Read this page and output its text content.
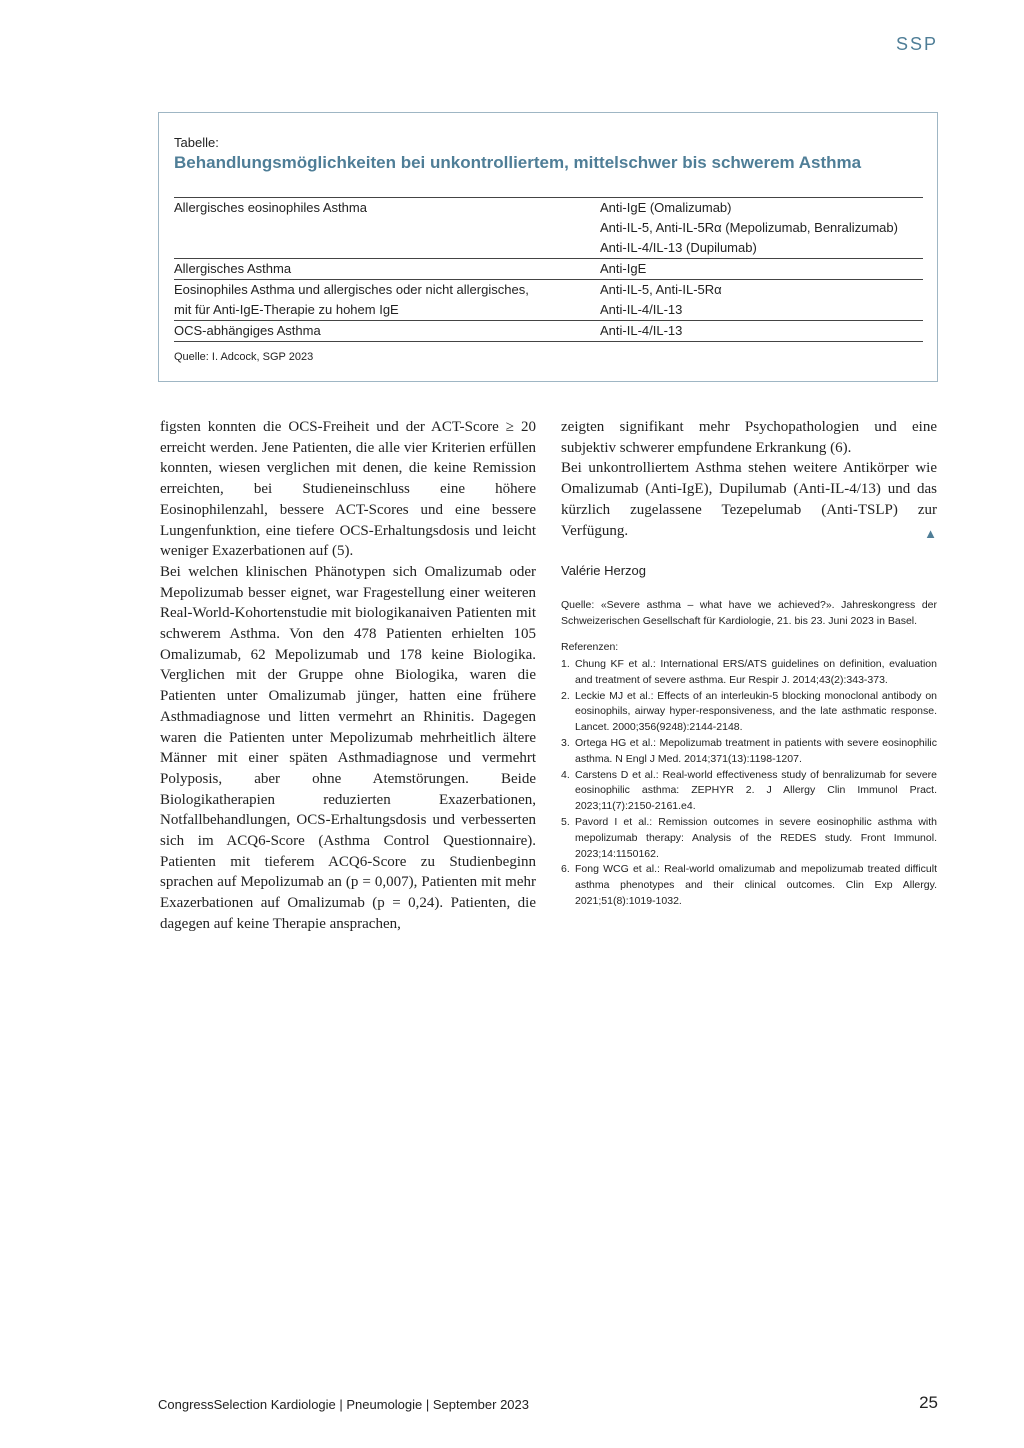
SSP
Tabelle:
Behandlungsmöglichkeiten bei unkontrolliertem, mittelschwer bis schwerem Asthma
Allergisches eosinophiles Asthma	Anti-IgE (Omalizumab)
Anti-IL-5, Anti-IL-5Rα (Mepolizumab, Benralizumab)
Anti-IL-4/IL-13 (Dupilumab)
Allergisches Asthma	Anti-IgE
Eosinophiles Asthma und allergisches oder nicht allergisches,	Anti-IL-5, Anti-IL-5Rα
mit für Anti-IgE-Therapie zu hohem IgE	Anti-IL-4/IL-13
OCS-abhängiges Asthma	Anti-IL-4/IL-13
Quelle: I. Adcock, SGP 2023

figsten konnten die OCS-Freiheit und der ACT-Score ≥ 20 erreicht werden. Jene Patienten, die alle vier Kriterien erfüllen konnten, wiesen verglichen mit denen, die keine Remission erreichten, bei Studieneinschluss eine höhere Eosinophilenzahl, bessere ACT-Scores und eine bessere Lungenfunktion, eine tiefere OCS-Erhaltungsdosis und leicht weniger Exazerbationen auf (5).

Bei welchen klinischen Phänotypen sich Omalizumab oder Mepolizumab besser eignet, war Fragestellung einer weiteren Real-World-Kohortenstudie mit biologikanaiven Patienten mit schwerem Asthma. Von den 478 Patienten erhielten 105 Omalizumab, 62 Mepolizumab und 178 keine Biologika. Verglichen mit der Gruppe ohne Biologika, waren die Patienten unter Omalizumab jünger, hatten eine frühere Asthmadiagnose und litten vermehrt an Rhinitis. Dagegen waren die Patienten unter Mepolizumab mehrheitlich ältere Männer mit einer späten Asthmadiagnose und vermehrt Polyposis, aber ohne Atemstörungen. Beide Biologikatherapien reduzierten Exazerbationen, Notfallbehandlungen, OCS-Erhaltungsdosis und verbesserten sich im ACQ6-Score (Asthma Control Questionnaire). Patienten mit tieferem ACQ6-Score zu Studienbeginn sprachen auf Mepolizumab an (p = 0,007), Patienten mit mehr Exazerbationen auf Omalizumab (p = 0,24). Patienten, die dagegen auf keine Therapie ansprachen,

zeigten signifikant mehr Psychopathologien und eine subjektiv schwerer empfundene Erkrankung (6).

Bei unkontrolliertem Asthma stehen weitere Antikörper wie Omalizumab (Anti-IgE), Dupilumab (Anti-IL-4/13) und das kürzlich zugelassene Tezepelumab (Anti-TSLP) zur Verfügung.	▲

Valérie Herzog
Quelle: «Severe asthma – what have we achieved?». Jahreskongress der Schweizerischen Gesellschaft für Kardiologie, 21. bis 23. Juni 2023 in Basel.
Referenzen:
1. Chung KF et al.: International ERS/ATS guidelines on definition, evaluation and treatment of severe asthma. Eur Respir J. 2014;43(2):343-373.
2. Leckie MJ et al.: Effects of an interleukin-5 blocking monoclonal antibody on eosinophils, airway hyper-responsiveness, and the late asthmatic response. Lancet. 2000;356(9248):2144-2148.
3. Ortega HG et al.: Mepolizumab treatment in patients with severe eosinophilic asthma. N Engl J Med. 2014;371(13):1198-1207.
4. Carstens D et al.: Real-world effectiveness study of benralizumab for severe eosinophilic asthma: ZEPHYR 2. J Allergy Clin Immunol Pract. 2023;11(7):2150-2161.e4.
5. Pavord I et al.: Remission outcomes in severe eosinophilic asthma with mepolizumab therapy: Analysis of the REDES study. Front Immunol. 2023;14:1150162.
6. Fong WCG et al.: Real-world omalizumab and mepolizumab treated difficult asthma phenotypes and their clinical outcomes. Clin Exp Allergy. 2021;51(8):1019-1032.
CongressSelection Kardiologie | Pneumologie | September 2023	25
